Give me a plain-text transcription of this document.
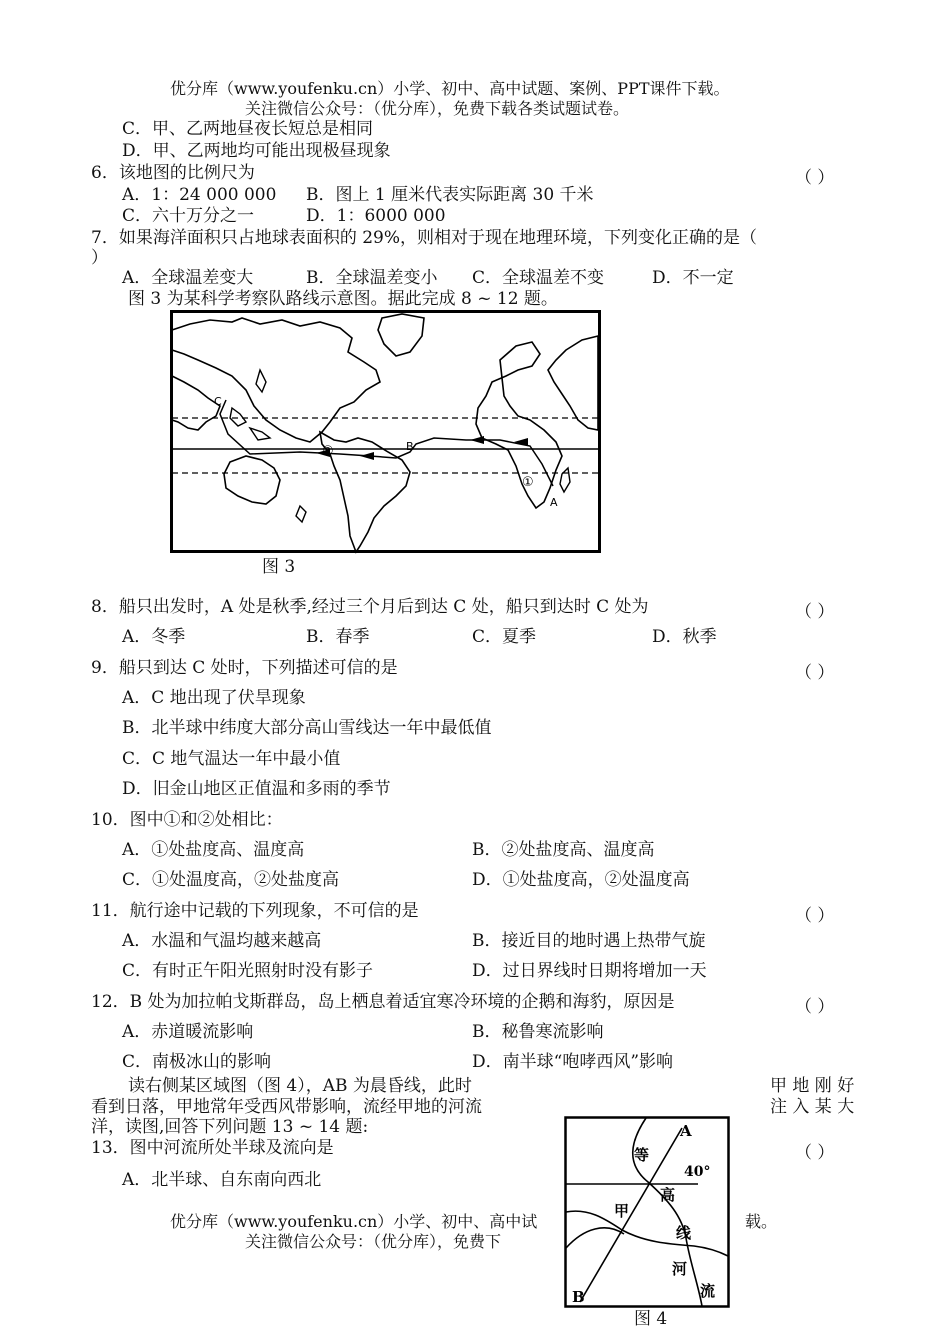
优分库（www.youfenku.cn）小学、初中、高中试题、案例、PPT课件下载。
关注微信公众号：（优分库），免费下载各类试题试卷。
C．甲、乙两地昼夜长短总是相同
D．甲、乙两地均可能出现极昼现象
6．该地图的比例尺为	（ ）
A．1：24 000 000 B．图上 1 厘米代表实际距离 30 千米
C．六十万分之一	D．1：6000 000
7．如果海洋面积只占地球表面积的 29%，则相对于现在地理环境，下列变化正确的是（
）
A．全球温差变大	B．全球温差变小 C．全球温差不变	D．不一定
图 3 为某科学考察队路线示意图。据此完成 8 ~ 12 题。
C
B
A
②
①
图 3
8．船只出发时，A 处是秋季,经过三个月后到达 C 处，船只到达时 C 处为	（ ）
A．冬季	B．春季	C．夏季	D．秋季
9．船只到达 C 处时，下列描述可信的是	（ ）
A．C 地出现了伏旱现象
B．北半球中纬度大部分高山雪线达一年中最低值
C．C 地气温达一年中最小值
D．旧金山地区正值温和多雨的季节
10．图中①和②处相比：
A．①处盐度高、温度高	B．②处盐度高、温度高
C．①处温度高，②处盐度高	D．①处盐度高，②处温度高
11．航行途中记载的下列现象，不可信的是	（ ）
A．水温和气温均越来越高	B．接近目的地时遇上热带气旋
C．有时正午阳光照射时没有影子	D．过日界线时日期将增加一天
12．B 处为加拉帕戈斯群岛，岛上栖息着适宜寒冷环境的企鹅和海豹，原因是	（ ）
A．赤道暖流影响	B．秘鲁寒流影响
C．南极冰山的影响	D．南半球“咆哮西风”影响
读右侧某区域图（图 4），AB 为晨昏线，此时	甲 地 刚 好
看到日落，甲地常年受西风带影响，流经甲地的河流	注 入 某 大
洋，读图,回答下列问题 13 ~ 14 题:
13．图中河流所处半球及流向是	（ ）
A．北半球、自东南向西北
优分库（www.youfenku.cn）小学、初中、高中试	载。
关注微信公众号：（优分库），免费下
A
B
40°
等
高
线
甲
河
流
图 4
